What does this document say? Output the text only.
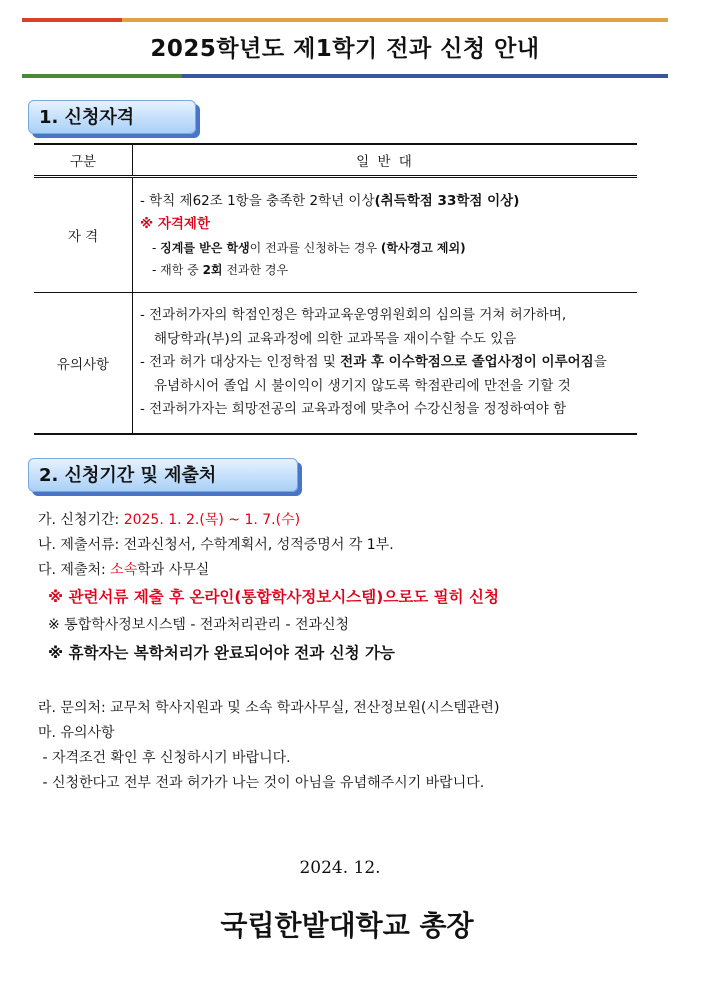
2025학년도 제1학기 전과 신청 안내
1. 신청자격
구분	일 반 대
자 격	- 학칙 제62조 1항을 충족한 2학년 이상(취득학점 33학점 이상)
※ 자격제한
- 징계를 받은 학생이 전과를 신청하는 경우 (학사경고 제외)
- 재학 중 2회 전과한 경우

유의사항	- 전과허가자의 학점인정은 학과교육운영위원회의 심의를 거쳐 허가하며,
해당학과(부)의 교육과정에 의한 교과목을 재이수할 수도 있음
- 전과 허가 대상자는 인정학점 및 전과 후 이수학점으로 졸업사정이 이루어짐을
유념하시어 졸업 시 불이익이 생기지 않도록 학점관리에 만전을 기할 것
- 전과허가자는 희망전공의 교육과정에 맞추어 수강신청을 정정하여야 함
2. 신청기간 및 제출처
가. 신청기간: 2025. 1. 2.(목) ~ 1. 7.(수)
나. 제출서류: 전과신청서, 수학계획서, 성적증명서 각 1부.
다. 제출처: 소속학과 사무실
※ 관련서류 제출 후 온라인(통합학사정보시스템)으로도 필히 신청
※ 통합학사정보시스템 - 전과처리관리 - 전과신청
※ 휴학자는 복학처리가 완료되어야 전과 신청 가능
라. 문의처: 교무처 학사지원과 및 소속 학과사무실, 전산정보원(시스템관련)
마. 유의사항
- 자격조건 확인 후 신청하시기 바랍니다.
- 신청한다고 전부 전과 허가가 나는 것이 아님을 유념해주시기 바랍니다.
2024. 12.
국립한밭대학교 총장
